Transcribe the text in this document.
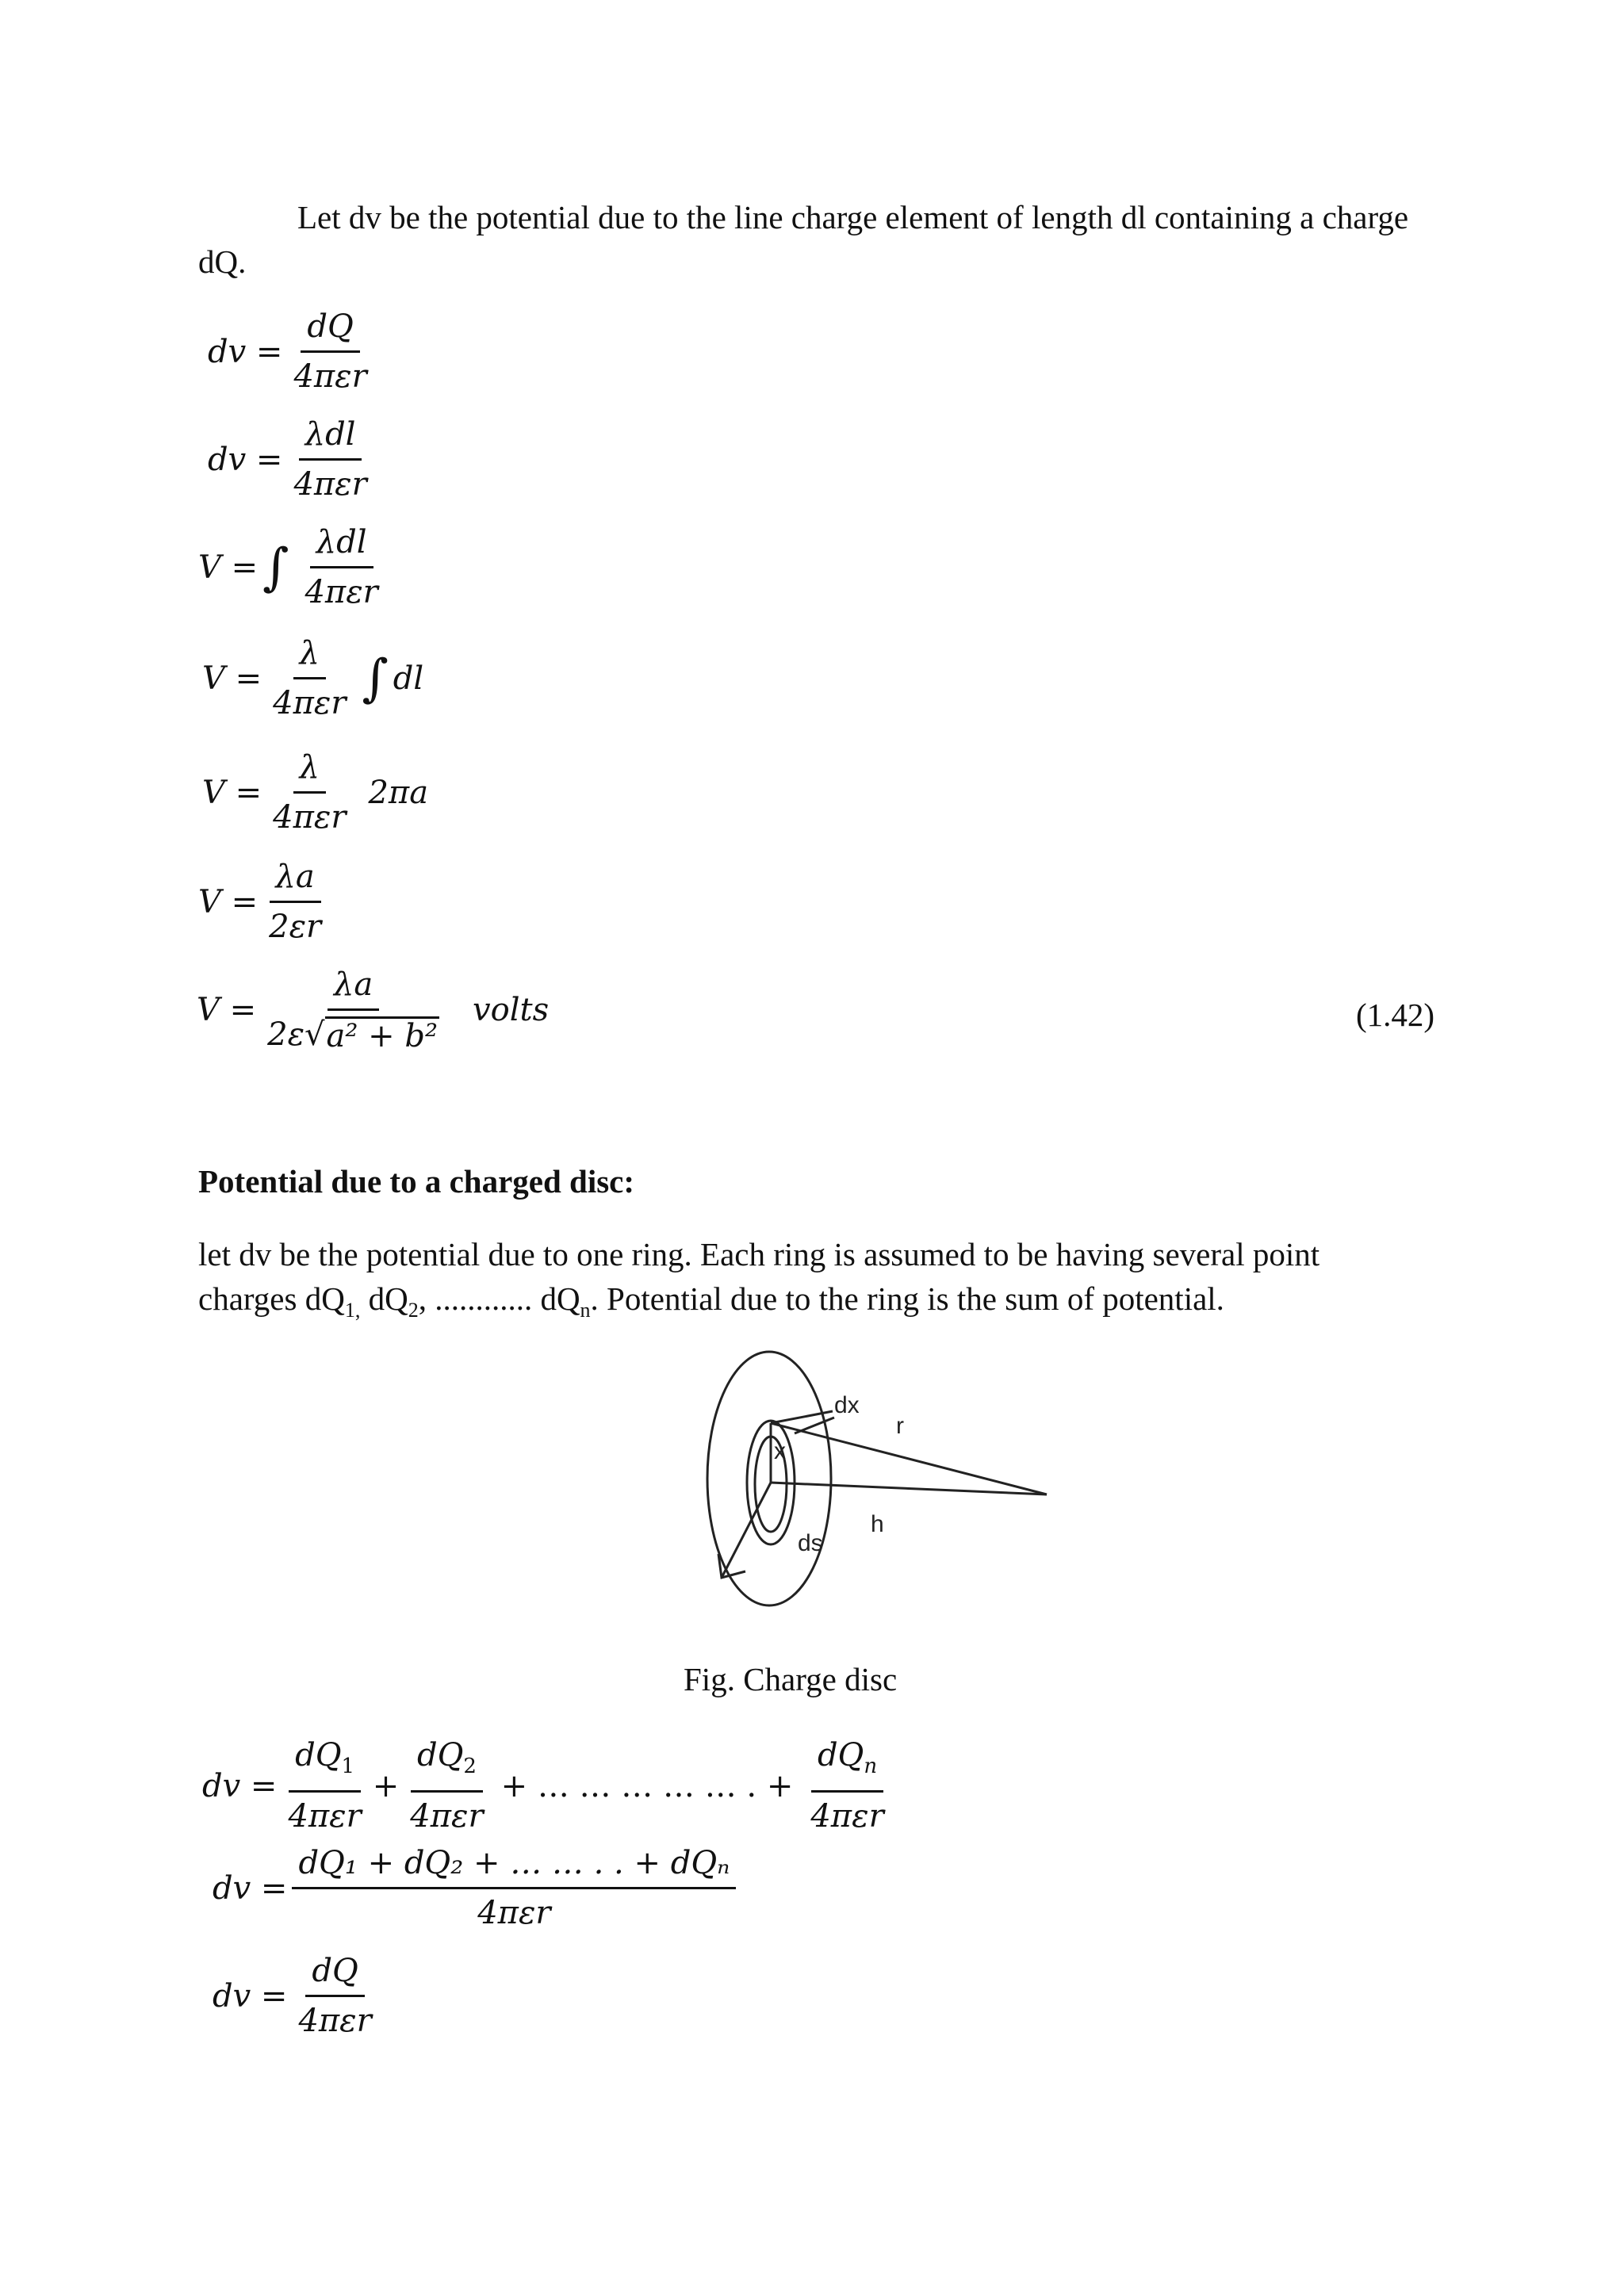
Let dv be the potential due to the line charge element of length dl containing a charge
dQ.
dv = $\frac{dQ}{\text{4πεr}}$
dv = $\frac{\text{λdl}}{\text{4πεr}}$
V = ∫ $\frac{\text{λdl}}{\text{4πεr}}$
$V = \frac{\lambda}{\text{4πεr}}$ ∫ dl
$V = \frac{\lambda}{\text{4πεr}} 2\pi a$
$V = \frac{\lambda a}{2\varepsilon r}$
$V = \frac{\lambda a}{\text{2ε √ a² + b²}}$ volts	(1.42)
Potential due to a charged disc:
let dv be the potential due to one ring. Each ring is assumed to be having several point
charges $dQ_{1,}$ $dQ_2$, ............ $dQ_n$. Potential due to the ring is the sum of potential.
dx
r
x
h
ds
Fig. Charge disc
dv = $\frac{dQ_1}{\text{4πεr}} + \frac{dQ_2}{\text{4πεr}}$ + … … … … … . + $\frac{dQ_n}{\text{4πεr}}$
dv = $\frac{\text{dQ₁ + dQ₂ + … … . . + dQₙ}}{\text{4πεr}}$
dv = $\frac{dQ}{\text{4πεr}}$
